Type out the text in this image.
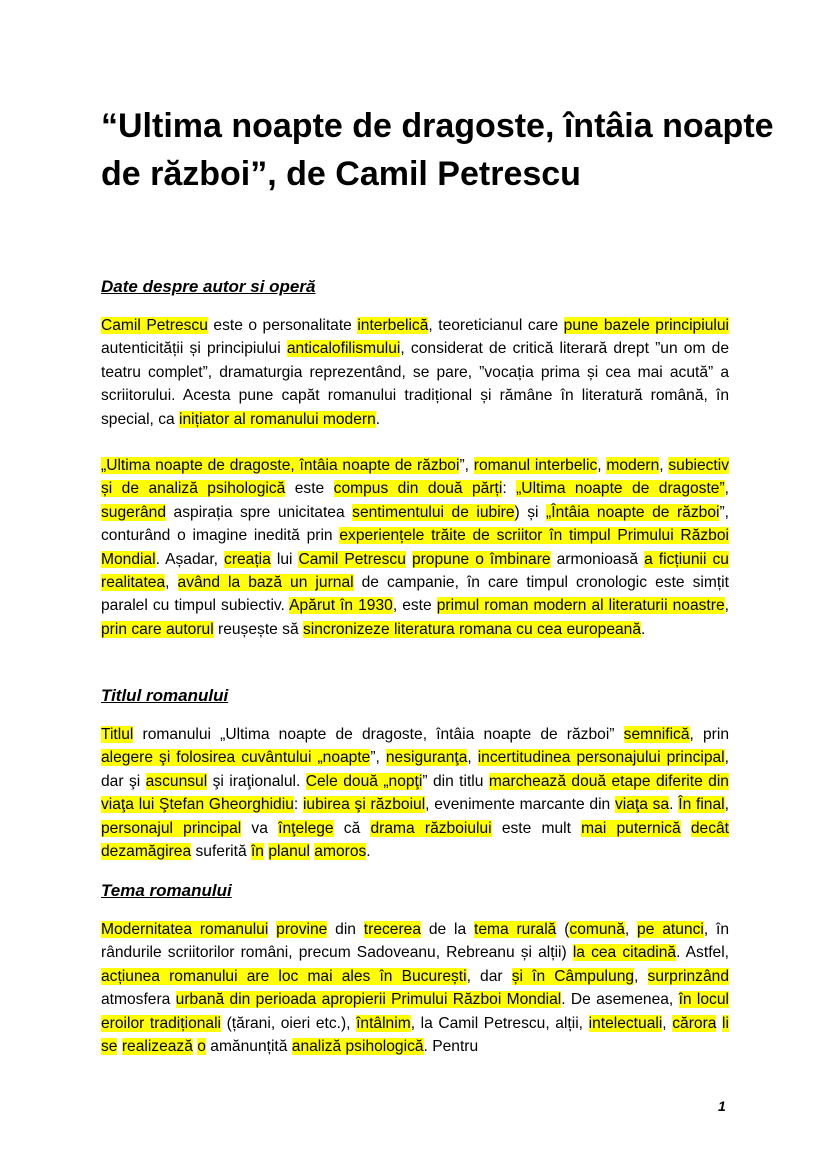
“Ultima noapte de dragoste, întâia noapte de război”, de Camil Petrescu
Date despre autor si operă

Camil Petrescu este o personalitate interbelică, teoreticianul care pune bazele principiului autenticității și principiului anticalofilismului, considerat de critică literară drept ”un om de teatru complet”, dramaturgia reprezentând, se pare, ”vocația prima și cea mai acută” a scriitorului. Acesta pune capăt romanului tradițional și rămâne în literatură română, în special, ca inițiator al romanului modern.

„Ultima noapte de dragoste, întâia noapte de război”, romanul interbelic, modern, subiectiv și de analiză psihologică este compus din două părți: „Ultima noapte de dragoste”, sugerând aspirația spre unicitatea sentimentului de iubire) și „Întâia noapte de război”, conturând o imagine inedită prin experiențele trăite de scriitor în timpul Primului Război Mondial. Așadar, creația lui Camil Petrescu propune o îmbinare armonioasă a ficțiunii cu realitatea, având la bază un jurnal de campanie, în care timpul cronologic este simțit paralel cu timpul subiectiv. Apărut în 1930, este primul roman modern al literaturii noastre, prin care autorul reușește să sincronizeze literatura romana cu cea europeană.

Titlul romanului

Titlul romanului „Ultima noapte de dragoste, întâia noapte de război” semnifică, prin alegere şi folosirea cuvântului „noapte”, nesiguranţa, incertitudinea personajului principal, dar şi ascunsul şi iraţionalul. Cele două „nopţi” din titlu marchează două etape diferite din viaţa lui Ştefan Gheorghidiu: iubirea şi războiul, evenimente marcante din viaţa sa. În final, personajul principal va înţelege că drama războiului este mult mai puternică decât dezamăgirea suferită în planul amoros.

Tema romanului

Modernitatea romanului provine din trecerea de la tema rurală (comună, pe atunci, în rândurile scriitorilor români, precum Sadoveanu, Rebreanu și alții) la cea citadină. Astfel, acțiunea romanului are loc mai ales în București, dar și în Câmpulung, surprinzând atmosfera urbană din perioada apropierii Primului Război Mondial. De asemenea, în locul eroilor tradiționali (țărani, oieri etc.), întâlnim, la Camil Petrescu, alții, intelectuali, cărora li se realizează o amănunțită analiză psihologică. Pentru

1
